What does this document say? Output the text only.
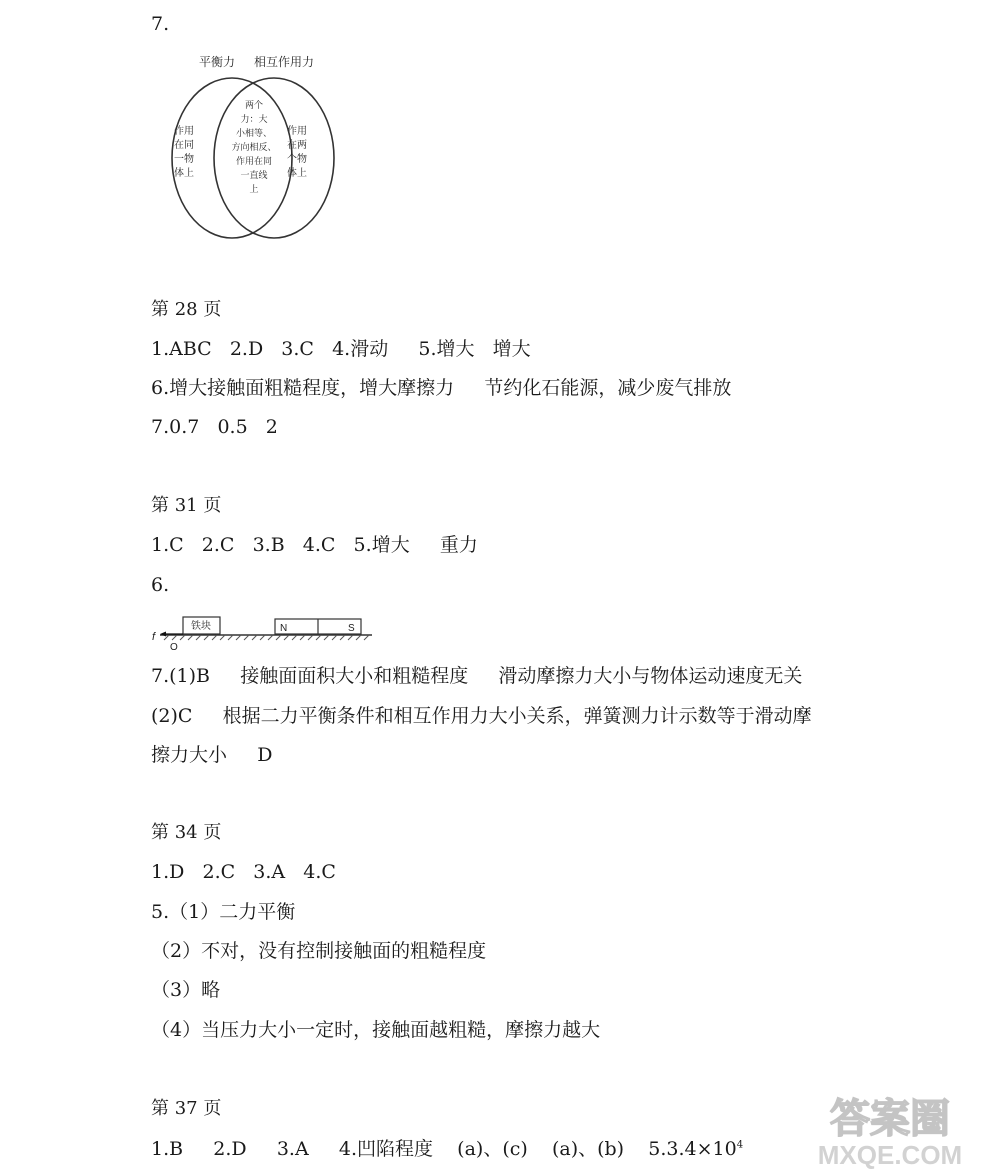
7.
平衡力 相互作用力
作用
在同
一物
体上
两个
力：大
小相等、
方向相反、
作用在同
一直线
上
作用
在两
个物
体上
第 28 页
1.ABC   2.D   3.C   4.滑动     5.增大   增大
6.增大接触面粗糙程度，增大摩擦力     节约化石能源，减少废气排放
7.0.7   0.5   2
第 31 页
1.C   2.C   3.B   4.C   5.增大     重力
6.
铁块
f
O
N	S
7.(1)B     接触面面积大小和粗糙程度     滑动摩擦力大小与物体运动速度无关
(2)C     根据二力平衡条件和相互作用力大小关系，弹簧测力计示数等于滑动摩
擦力大小     D
第 34 页
1.D   2.C   3.A   4.C
5.（1）二力平衡
（2）不对，没有控制接触面的粗糙程度
（3）略
（4）当压力大小一定时，接触面越粗糙，摩擦力越大
第 37 页
1.B     2.D     3.A     4.凹陷程度    (a)、(c)    (a)、(b)    $5.3.4\times 10^4$
答案圈
MXQE.COM
